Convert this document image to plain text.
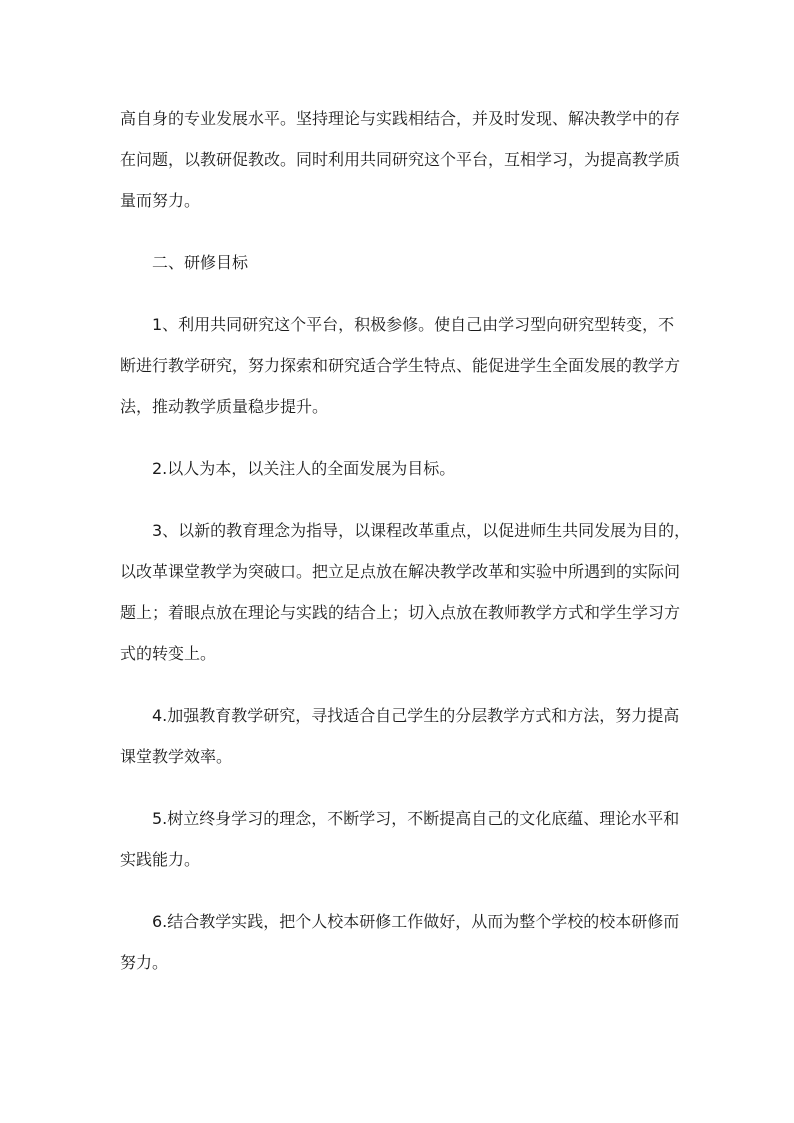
高自身的专业发展水平。坚持理论与实践相结合，并及时发现、解决教学中的存
在问题，以教研促教改。同时利用共同研究这个平台，互相学习，为提高教学质
量而努力。
二、研修目标
1、利用共同研究这个平台，积极参修。使自己由学习型向研究型转变，不
断进行教学研究，努力探索和研究适合学生特点、能促进学生全面发展的教学方
法，推动教学质量稳步提升。
2.以人为本，以关注人的全面发展为目标。
3、以新的教育理念为指导，以课程改革重点，以促进师生共同发展为目的，
以改革课堂教学为突破口。把立足点放在解决教学改革和实验中所遇到的实际问
题上；着眼点放在理论与实践的结合上；切入点放在教师教学方式和学生学习方
式的转变上。
4.加强教育教学研究，寻找适合自己学生的分层教学方式和方法，努力提高
课堂教学效率。
5.树立终身学习的理念，不断学习，不断提高自己的文化底蕴、理论水平和
实践能力。
6.结合教学实践，把个人校本研修工作做好，从而为整个学校的校本研修而
努力。
